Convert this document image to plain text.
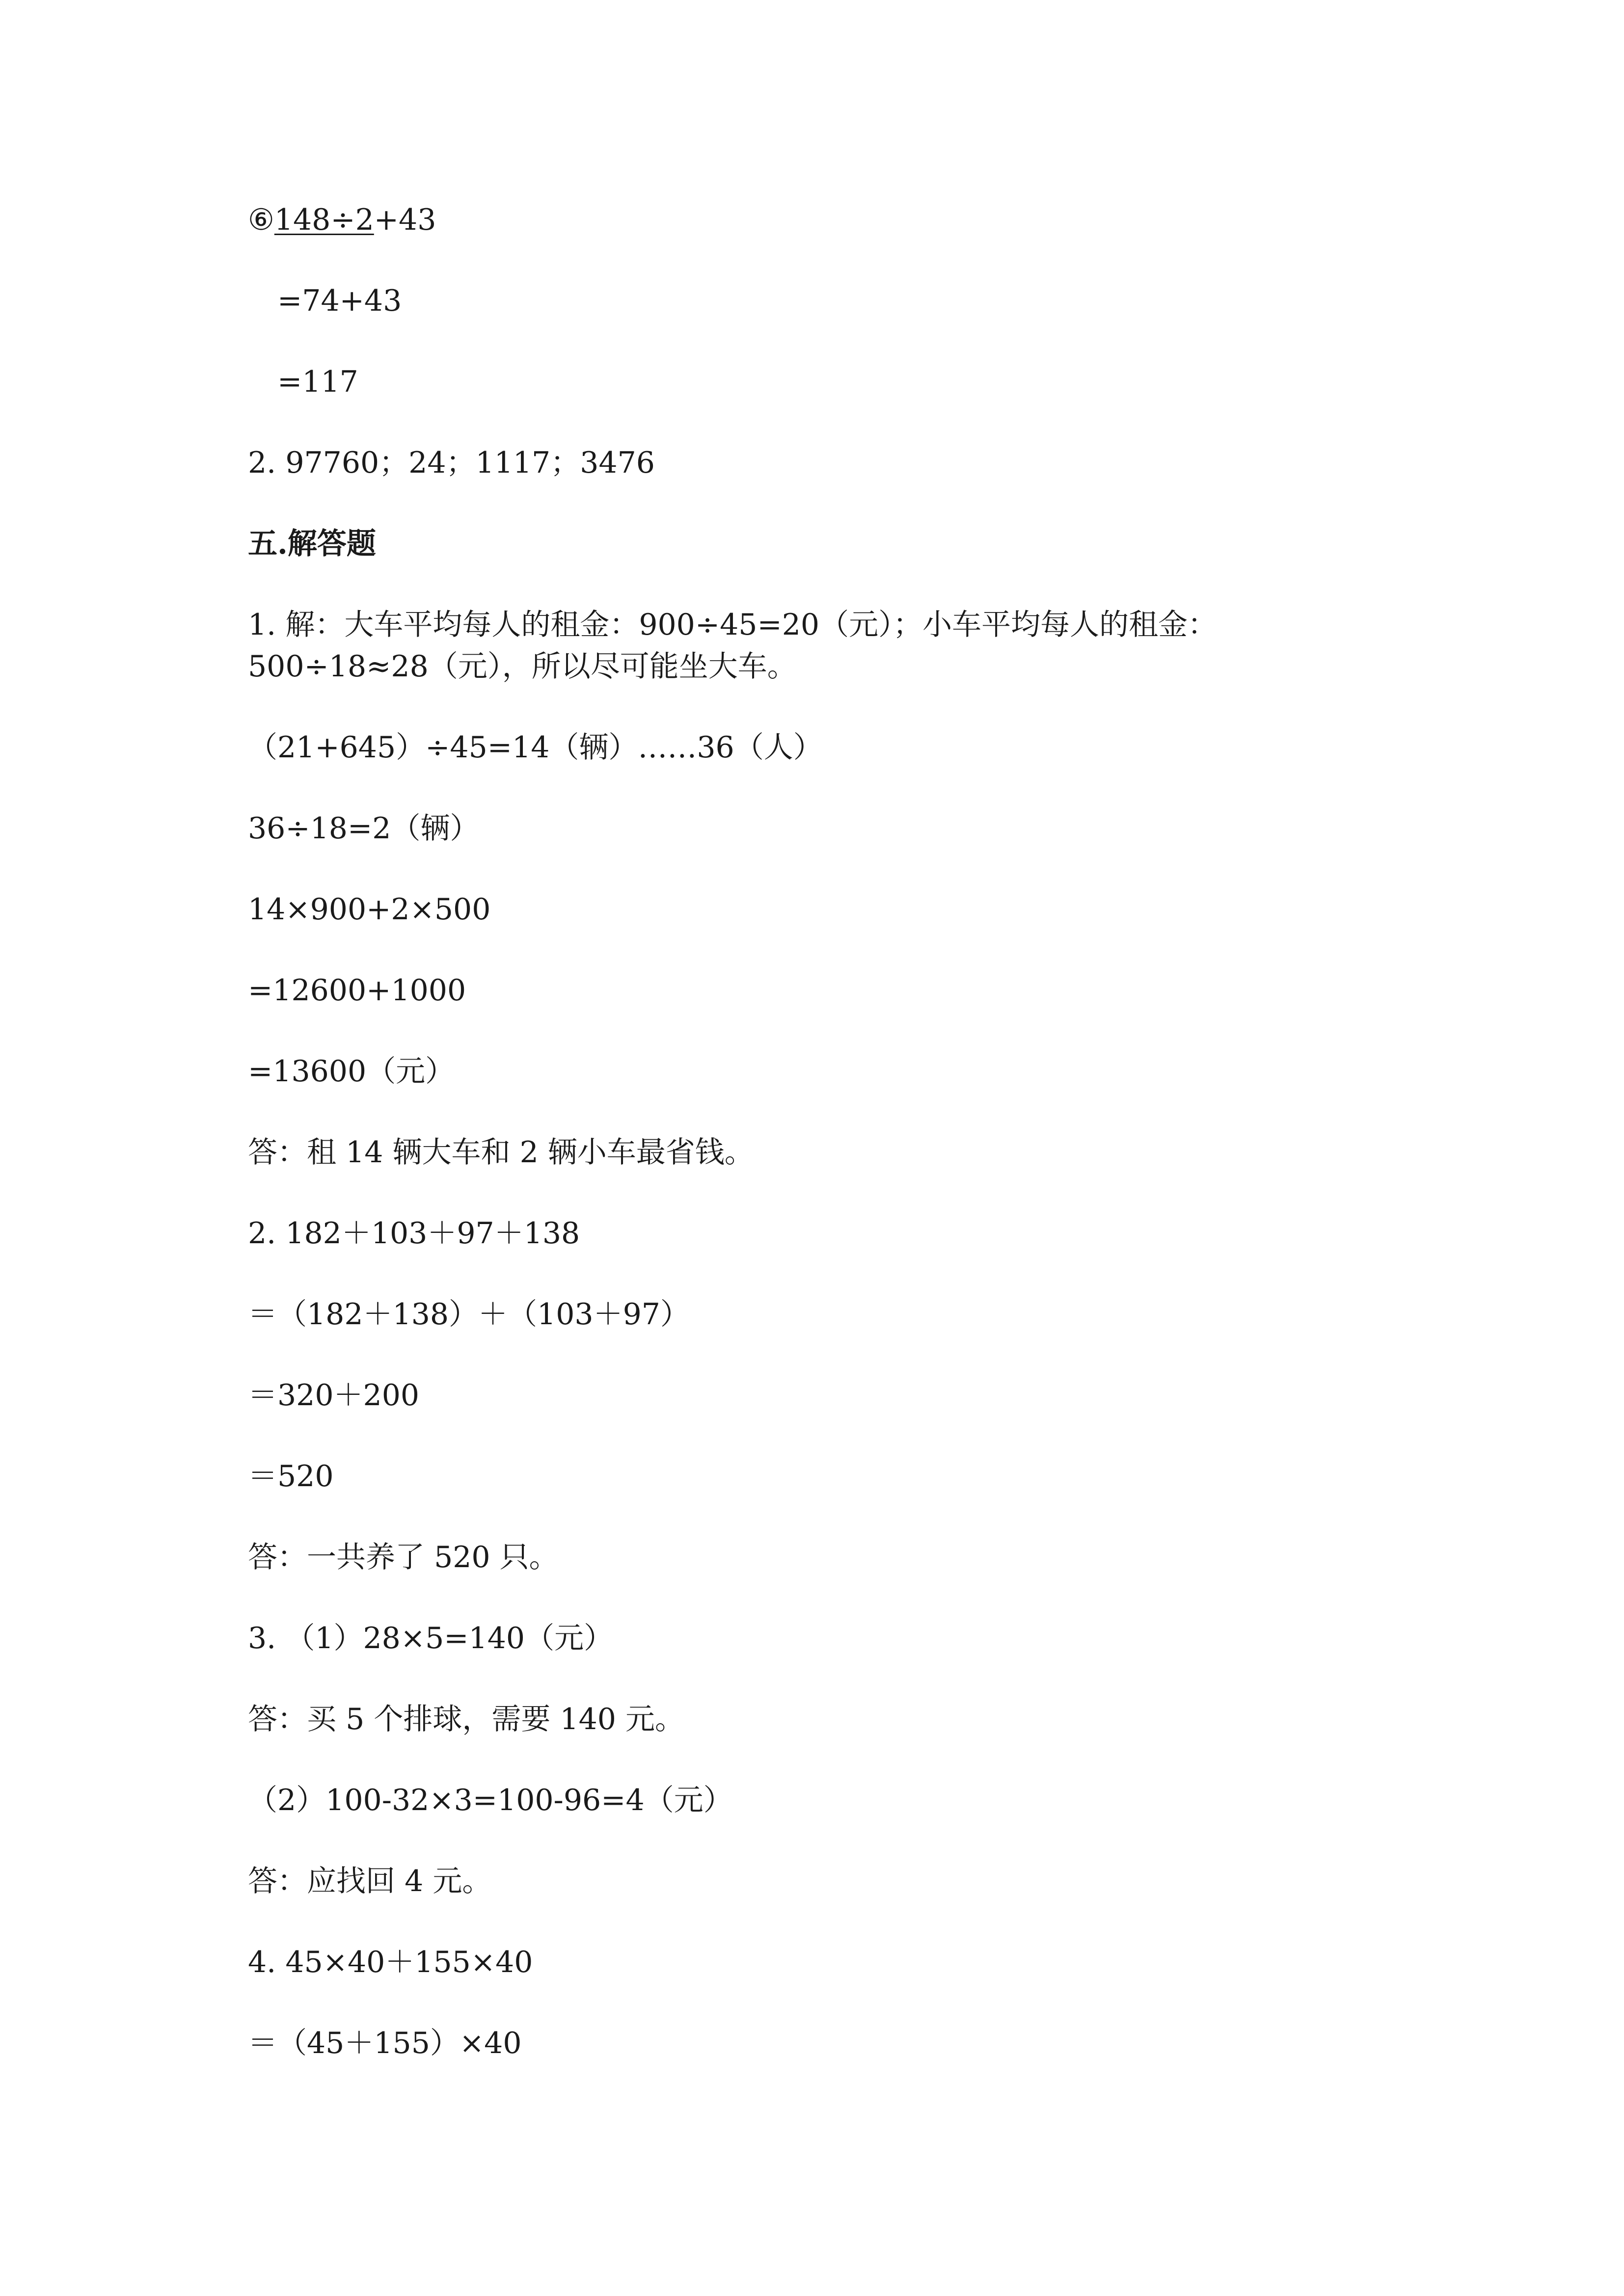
⑥148÷2+43
=74+43
=117
2. 97760；24；1117；3476
五.解答题
1. 解：大车平均每人的租金：900÷45=20（元）；小车平均每人的租金：
500÷18≈28（元），所以尽可能坐大车。
（21+645）÷45=14（辆）……36（人）
36÷18=2（辆）
14×900+2×500
=12600+1000
=13600（元）
答：租 14 辆大车和 2 辆小车最省钱。
2. 182＋103＋97＋138
＝（182＋138）＋（103＋97）
＝320＋200
＝520
答：一共养了 520 只。
3. （1）28×5=140（元）
答：买 5 个排球，需要 140 元。
（2）100-32×3=100-96=4（元）
答：应找回 4 元。
4. 45×40＋155×40
＝（45＋155）×40
